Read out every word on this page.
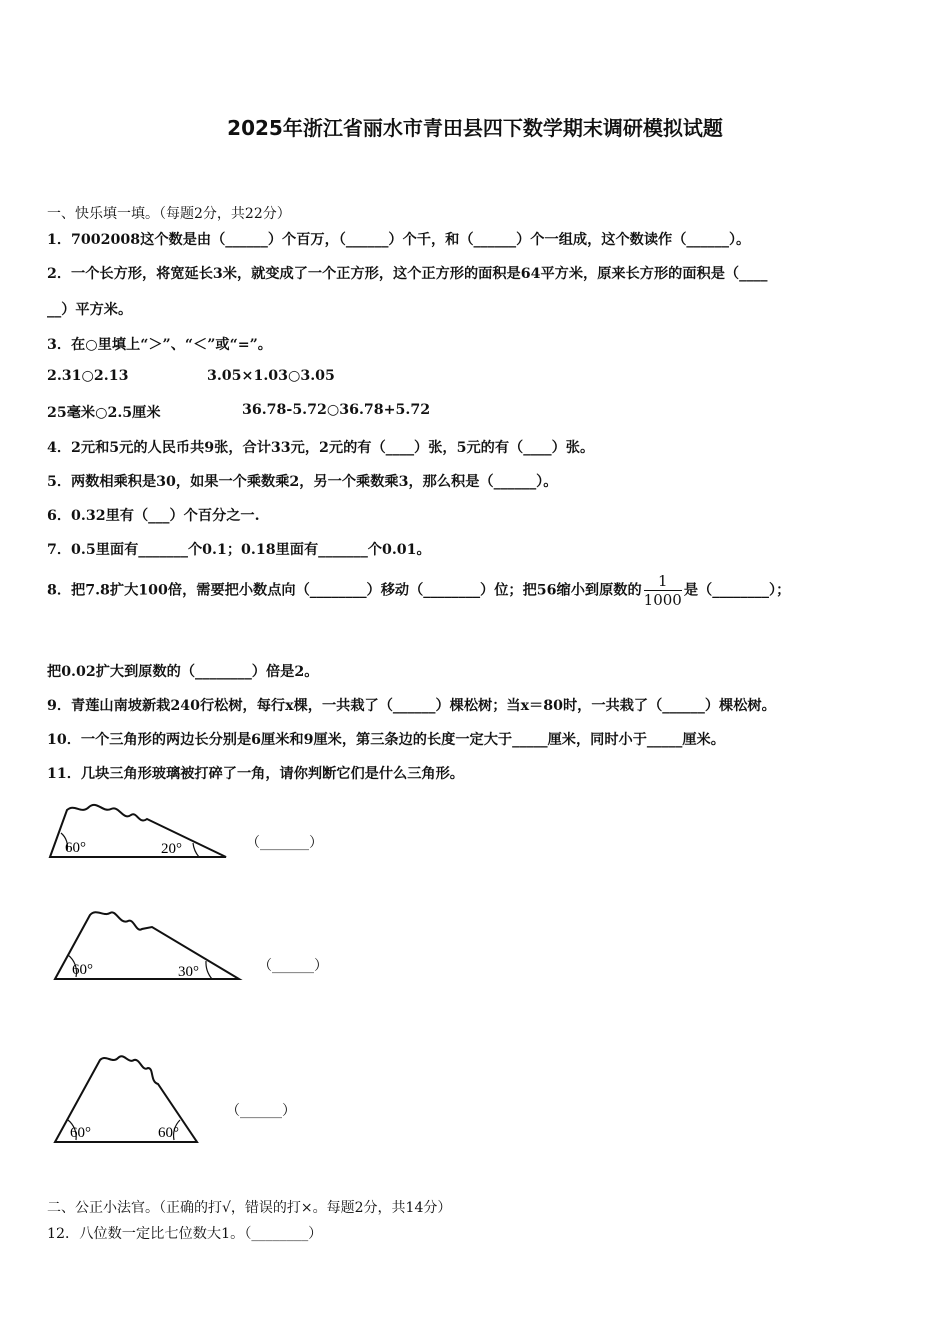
2025年浙江省丽水市青田县四下数学期末调研模拟试题
一、快乐填一填。（每题2分，共22分）
1．7002008这个数是由（______）个百万，（______）个千，和（______）个一组成，这个数读作（______）。
2．一个长方形，将宽延长3米，就变成了一个正方形，这个正方形的面积是64平方米，原来长方形的面积是（____
__）平方米。
3．在○里填上“＞”、“＜”或“=”。
2.31○2.13	3.05×1.03○3.05
25毫米○2.5厘米	36.78-5.72○36.78+5.72
4．2元和5元的人民币共9张，合计33元，2元的有（____）张，5元的有（____）张。
5．两数相乘积是30，如果一个乘数乘2，另一个乘数乘3，那么积是（______）。
6．0.32里有（___）个百分之一.
7．0.5里面有_______个0.1；0.18里面有_______个0.01。
8．把7.8扩大100倍，需要把小数点向（________）移动（________）位；把56缩小到原数的 $\frac{1}{1000}$ 是（________）；
把0.02扩大到原数的（________）倍是2。
9．青莲山南坡新栽240行松树，每行x棵，一共栽了（______）棵松树；当x＝80时，一共栽了（______）棵松树。
10．一个三角形的两边长分别是6厘米和9厘米，第三条边的长度一定大于_____厘米，同时小于_____厘米。
11．几块三角形玻璃被打碎了一角，请你判断它们是什么三角形。
60°	20°	（_______）
60°	30°	（______）
60°	60°
（______）
二、公正小法官。（正确的打√，错误的打×。每题2分，共14分）
12．八位数一定比七位数大1。（________）
